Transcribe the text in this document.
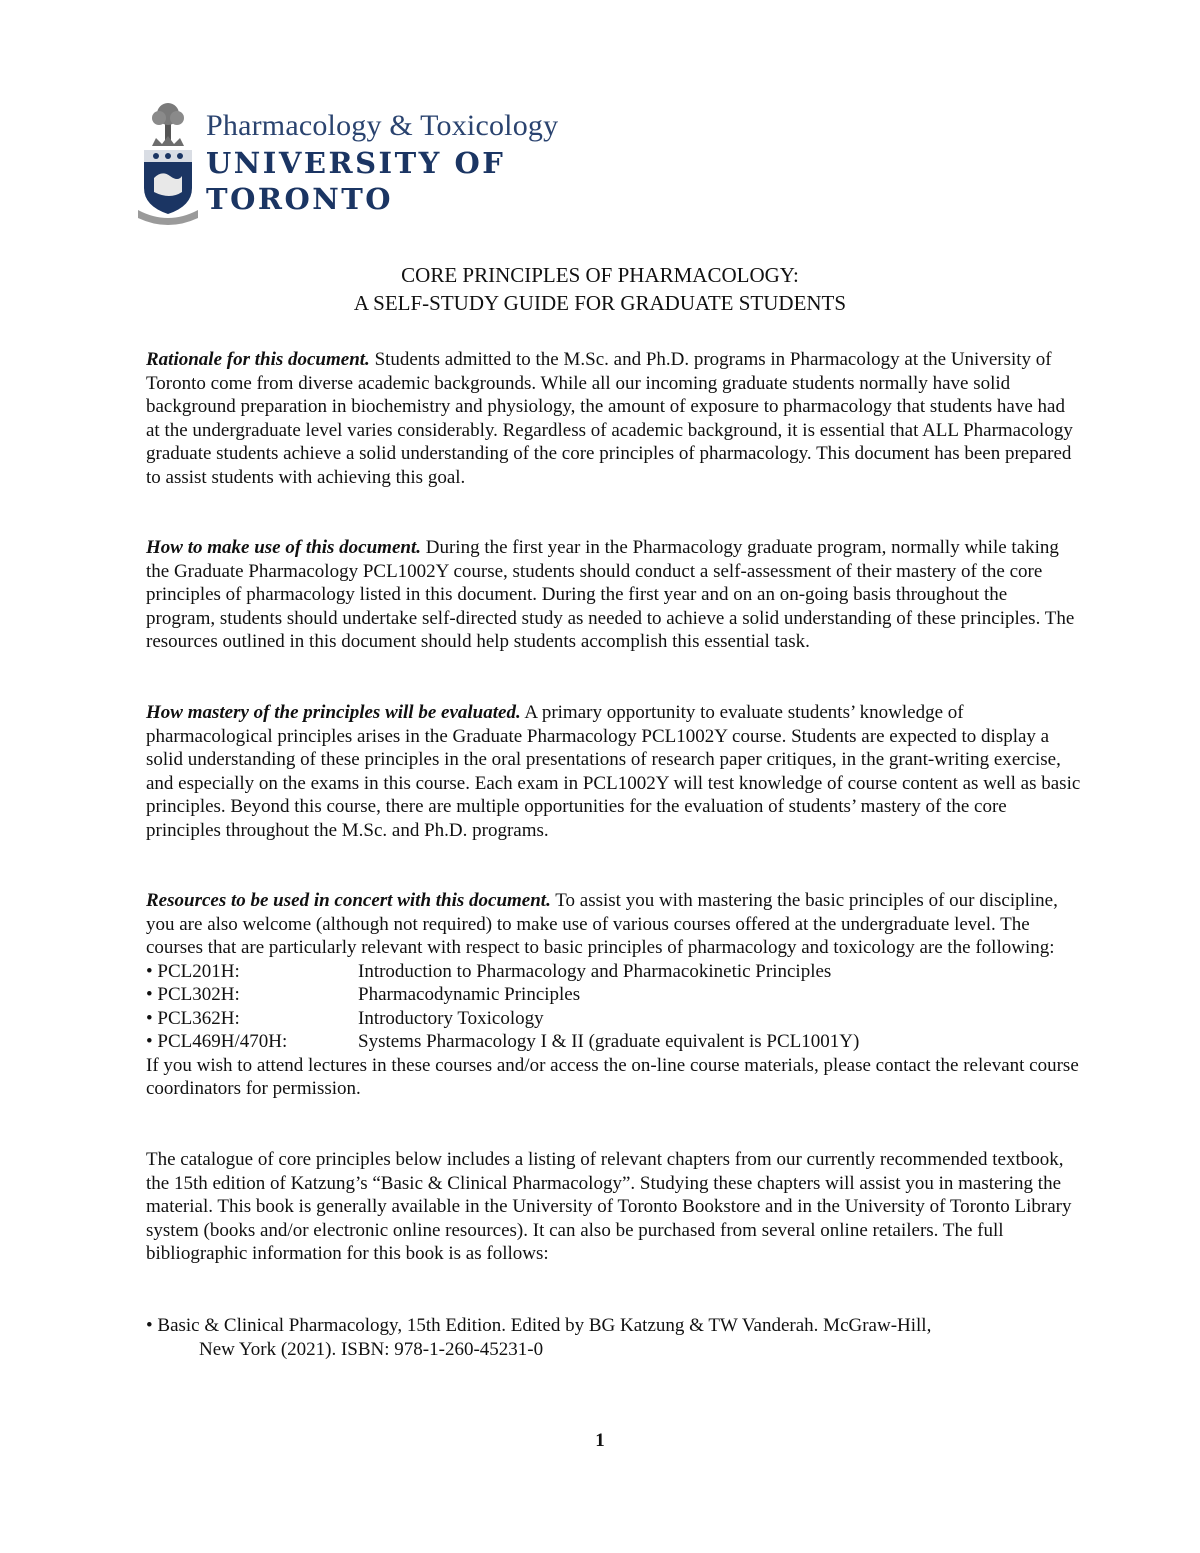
Pharmacology & Toxicology
UNIVERSITY OF TORONTO
CORE PRINCIPLES OF PHARMACOLOGY:
A SELF-STUDY GUIDE FOR GRADUATE STUDENTS
Rationale for this document. Students admitted to the M.Sc. and Ph.D. programs in Pharmacology at the University of Toronto come from diverse academic backgrounds. While all our incoming graduate students normally have solid background preparation in biochemistry and physiology, the amount of exposure to pharmacology that students have had at the undergraduate level varies considerably. Regardless of academic background, it is essential that ALL Pharmacology graduate students achieve a solid understanding of the core principles of pharmacology. This document has been prepared to assist students with achieving this goal.
How to make use of this document. During the first year in the Pharmacology graduate program, normally while taking the Graduate Pharmacology PCL1002Y course, students should conduct a self-assessment of their mastery of the core principles of pharmacology listed in this document. During the first year and on an on-going basis throughout the program, students should undertake self-directed study as needed to achieve a solid understanding of these principles. The resources outlined in this document should help students accomplish this essential task.
How mastery of the principles will be evaluated. A primary opportunity to evaluate students’ knowledge of pharmacological principles arises in the Graduate Pharmacology PCL1002Y course. Students are expected to display a solid understanding of these principles in the oral presentations of research paper critiques, in the grant-writing exercise, and especially on the exams in this course. Each exam in PCL1002Y will test knowledge of course content as well as basic principles. Beyond this course, there are multiple opportunities for the evaluation of students’ mastery of the core principles throughout the M.Sc. and Ph.D. programs.
Resources to be used in concert with this document. To assist you with mastering the basic principles of our discipline, you are also welcome (although not required) to make use of various courses offered at the undergraduate level. The courses that are particularly relevant with respect to basic principles of pharmacology and toxicology are the following:
• PCL201H:	Introduction to Pharmacology and Pharmacokinetic Principles
• PCL302H:	Pharmacodynamic Principles
• PCL362H:	Introductory Toxicology
• PCL469H/470H:	Systems Pharmacology I & II (graduate equivalent is PCL1001Y)
If you wish to attend lectures in these courses and/or access the on-line course materials, please contact the relevant course coordinators for permission.
The catalogue of core principles below includes a listing of relevant chapters from our currently recommended textbook, the 15th edition of Katzung’s “Basic & Clinical Pharmacology”. Studying these chapters will assist you in mastering the material. This book is generally available in the University of Toronto Bookstore and in the University of Toronto Library system (books and/or electronic online resources). It can also be purchased from several online retailers. The full bibliographic information for this book is as follows:
• Basic & Clinical Pharmacology, 15th Edition. Edited by BG Katzung & TW Vanderah. McGraw-Hill,
New York (2021). ISBN: 978-1-260-45231-0
1
